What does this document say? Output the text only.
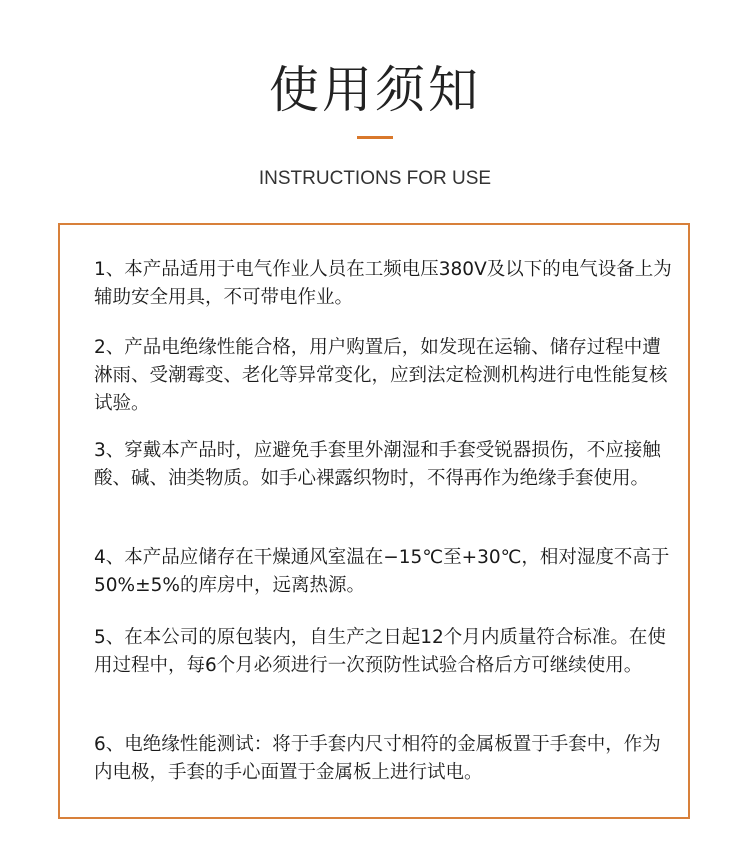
使用须知
INSTRUCTIONS FOR USE
1、本产品适用于电气作业人员在工频电压380V及以下的电气设备上为辅助安全用具，不可带电作业。
2、产品电绝缘性能合格，用户购置后，如发现在运输、储存过程中遭淋雨、受潮霉变、老化等异常变化，应到法定检测机构进行电性能复核试验。
3、穿戴本产品时，应避免手套里外潮湿和手套受锐器损伤，不应接触酸、碱、油类物质。如手心裸露织物时，不得再作为绝缘手套使用。
4、本产品应储存在干燥通风室温在−15℃至+30℃，相对湿度不高于50%±5%的库房中，远离热源。
5、在本公司的原包装内，自生产之日起12个月内质量符合标准。在使用过程中，每6个月必须进行一次预防性试验合格后方可继续使用。
6、电绝缘性能测试：将于手套内尺寸相符的金属板置于手套中，作为内电极，手套的手心面置于金属板上进行试电。
